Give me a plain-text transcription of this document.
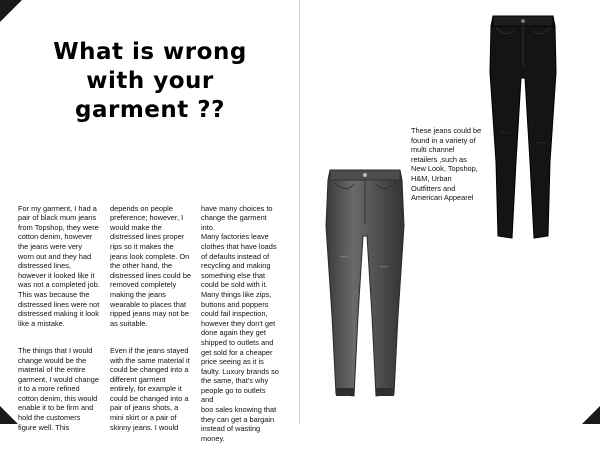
What is wrong
with your
garment ??

For my garment, I had a
pair of black mum jeans
from Topshop, they were
cotton denim, however
the jeans were very
worn out and they had
distressed lines,
however it looked like it
was not a completed job.
This was because the
distressed lines were not
distressed making it look
like a mistake.

The things that I would
change would be the
material of the entire
garment, I would change
it to a more refined
cotton denim, this would
enable it to be firm and
hold the customers
figure well. This

depends on people
preference; however, I
would make the
distressed lines proper
rips so it makes the
jeans look complete. On
the other hand, the
distressed lines could be
removed completely
making the jeans
wearable to places that
ripped jeans may not be
as suitable.

Even if the jeans stayed
with the same material it
could be changed into a
different garment
entirely, for example it
could be changed into a
pair of jeans shots, a
mini skirt or a pair of
skinny jeans. I would

have many choices to
change the garment into.
Many factories leave
clothes that have loads
of defaults instead of
recycling and making
something else that
could be sold with it.
Many things like zips,
buttons and poppers
could fail inspection,
however they don't get
done again they get
shipped to outlets and
get sold for a cheaper
price seeing as it is
faulty. Luxury brands so
the same, that's why
people go to outlets and
boo sales knowing that
they can get a bargain
instead of wasting
money.

These jeans could be
found in a variety of
multi channel
retailers ,such as
New Look, Topshop,
H&M, Urban
Outfitters and
American Appearel
